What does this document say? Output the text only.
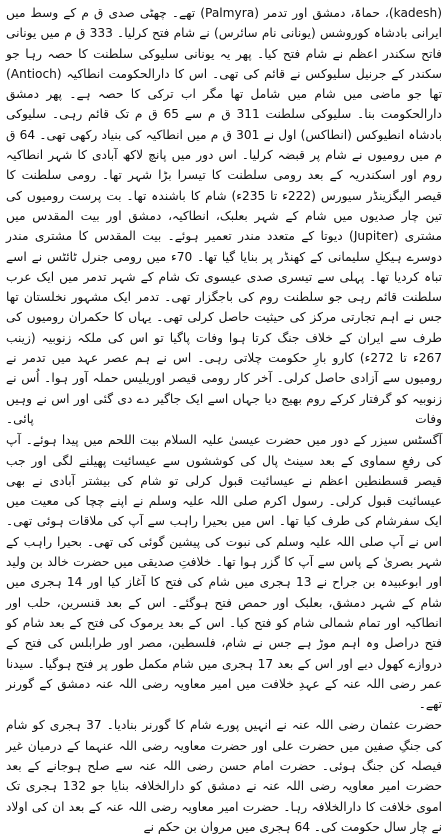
(kadesh)، حماۃ، دمشق اور تدمر (Palmyra) تھے۔ چھٹی صدی ق م کے وسط میں ایرانی بادشاہ کوروشس (یونانی نام سائرس) نے شام فتح کرلیا۔ 333 ق م میں یونانی فاتح سکندر اعظم نے شام فتح کیا۔ پھر یہ یونانی سلیوکی سلطنت کا حصہ رہا جو سکندر کے جرنیل سلیوکس نے قائم کی تھی۔ اس کا دارالحکومت انطاکیہ (Antioch) تھا جو ماضی میں شام میں شامل تھا مگر اب ترکی کا حصہ ہے۔ پھر دمشق دارالحکومت بنا۔ سلیوکی سلطنت 311 ق م سے 65 ق م تک قائم رہی۔ سلیوکی بادشاہ انطیوکس (انطاکس) اول نے 301 ق م میں انطاکیہ کی بنیاد رکھی تھی۔ 64 ق م میں رومیوں نے شام پر قبضہ کرلیا۔ اس دور میں پانچ لاکھ آبادی کا شہر انطاکیہ روم اور اسکندریہ کے بعد رومی سلطنت کا تیسرا بڑا شہر تھا۔ رومی سلطنت کا قیصر الیگزینڈر سیورس (222ء تا 235ء) شام کا باشندہ تھا۔ بت پرست رومیوں کی تین چار صدیوں میں شام کے شہر بعلبک، انطاکیہ، دمشق اور بیت المقدس میں مشتری (Jupiter) دیوتا کے متعدد مندر تعمیر ہوئے۔ بیت المقدس کا مشتری مندر دوسرے ہیکلِ سلیمانی کے کھنڈر پر بنایا گیا تھا۔ 70ء میں رومی جنرل ٹائٹس نے اسے تباہ کردیا تھا۔ پہلی سے تیسری صدی عیسوی تک شام کے شہر تدمر میں ایک عرب سلطنت قائم رہی جو سلطنت روم کی باجگزار تھی۔ تدمر ایک مشہور نخلستان تھا جس نے اہم تجارتی مرکز کی حیثیت حاصل کرلی تھی۔ یہاں کا حکمران رومیوں کی طرف سے ایران کے خلاف جنگ کرتا ہوا وفات پاگیا تو اس کی ملکہ زنوبیہ (زینب 267ء تا 272ء) کارو بارِ حکومت چلاتی رہی۔ اس نے ہم عصر عہد میں تدمر نے رومیوں سے آزادی حاصل کرلی۔ آخر کار رومی قیصر اوریلیس حملہ آور ہوا۔ اُس نے زنوبیہ کو گرفتار کرکے روم بھیج دیا جہاں اسے ایک جاگیر دے دی گئی اور اس نے وہیں وفات پائی۔

آگسٹس سیزر کے دور میں حضرت عیسیٰ علیہ السلام بیت اللحم میں پیدا ہوئے۔ آپ کی رفعِ سماوی کے بعد سینٹ پال کی کوششوں سے عیسائیت پھیلنے لگی اور جب قیصر قسطنطین اعظم نے عیسائیت قبول کرلی تو شام کی بیشتر آبادی نے بھی عیسائیت قبول کرلی۔ رسول اکرم صلی اللہ علیہ وسلم نے اپنے چچا کی معیت میں ایک سفرشام کی طرف کیا تھا۔ اس میں بحیرا راہب سے آپ کی ملاقات ہوئی تھی۔ اس نے آپ صلی اللہ علیہ وسلم کی نبوت کی پیشین گوئی کی تھی۔ بحیرا راہب کے شہر بصریٰ کے پاس سے آپ کا گزر ہوا تھا۔ خلافتِ صدیقی میں حضرت خالد بن ولید اور ابوعبیدہ بن جراح نے 13 ہجری میں شام کی فتح کا آغاز کیا اور 14 ہجری میں شام کے شہر دمشق، بعلبک اور حمص فتح ہوگئے۔ اس کے بعد قنسرین، حلب اور انطاکیہ اور تمام شمالی شام کو فتح کیا۔ اس کے بعد یرموک کی فتح کے بعد شام کو فتح دراصل وہ اہم موڑ ہے جس نے شام، فلسطین، مصر اور طرابلس کی فتح کے دروازے کھول دیے اور اس کے بعد 17 ہجری میں شام مکمل طور پر فتح ہوگیا۔ سیدنا عمر رضی اللہ عنہ کے عہدِ خلافت میں امیر معاویہ رضی اللہ عنہ دمشق کے گورنر تھے۔

حضرت عثمان رضی اللہ عنہ نے انہیں پورے شام کا گورنر بنادیا۔ 37 ہجری کو شام کی جنگِ صفین میں حضرت علی اور حضرت معاویہ رضی اللہ عنہما کے درمیان غیر فیصلہ کن جنگ ہوئی۔ حضرت امام حسن رضی اللہ عنہ سے صلح ہوجانے کے بعد حضرت امیر معاویہ رضی اللہ عنہ نے دمشق کو دارالخلافہ بنایا جو 132 ہجری تک اموی خلافت کا دارالخلافہ رہا۔ حضرت امیر معاویہ رضی اللہ عنہ کے بعد ان کی اولاد نے چار سال حکومت کی۔ 64 ہجری میں مروان بن حکم نے
